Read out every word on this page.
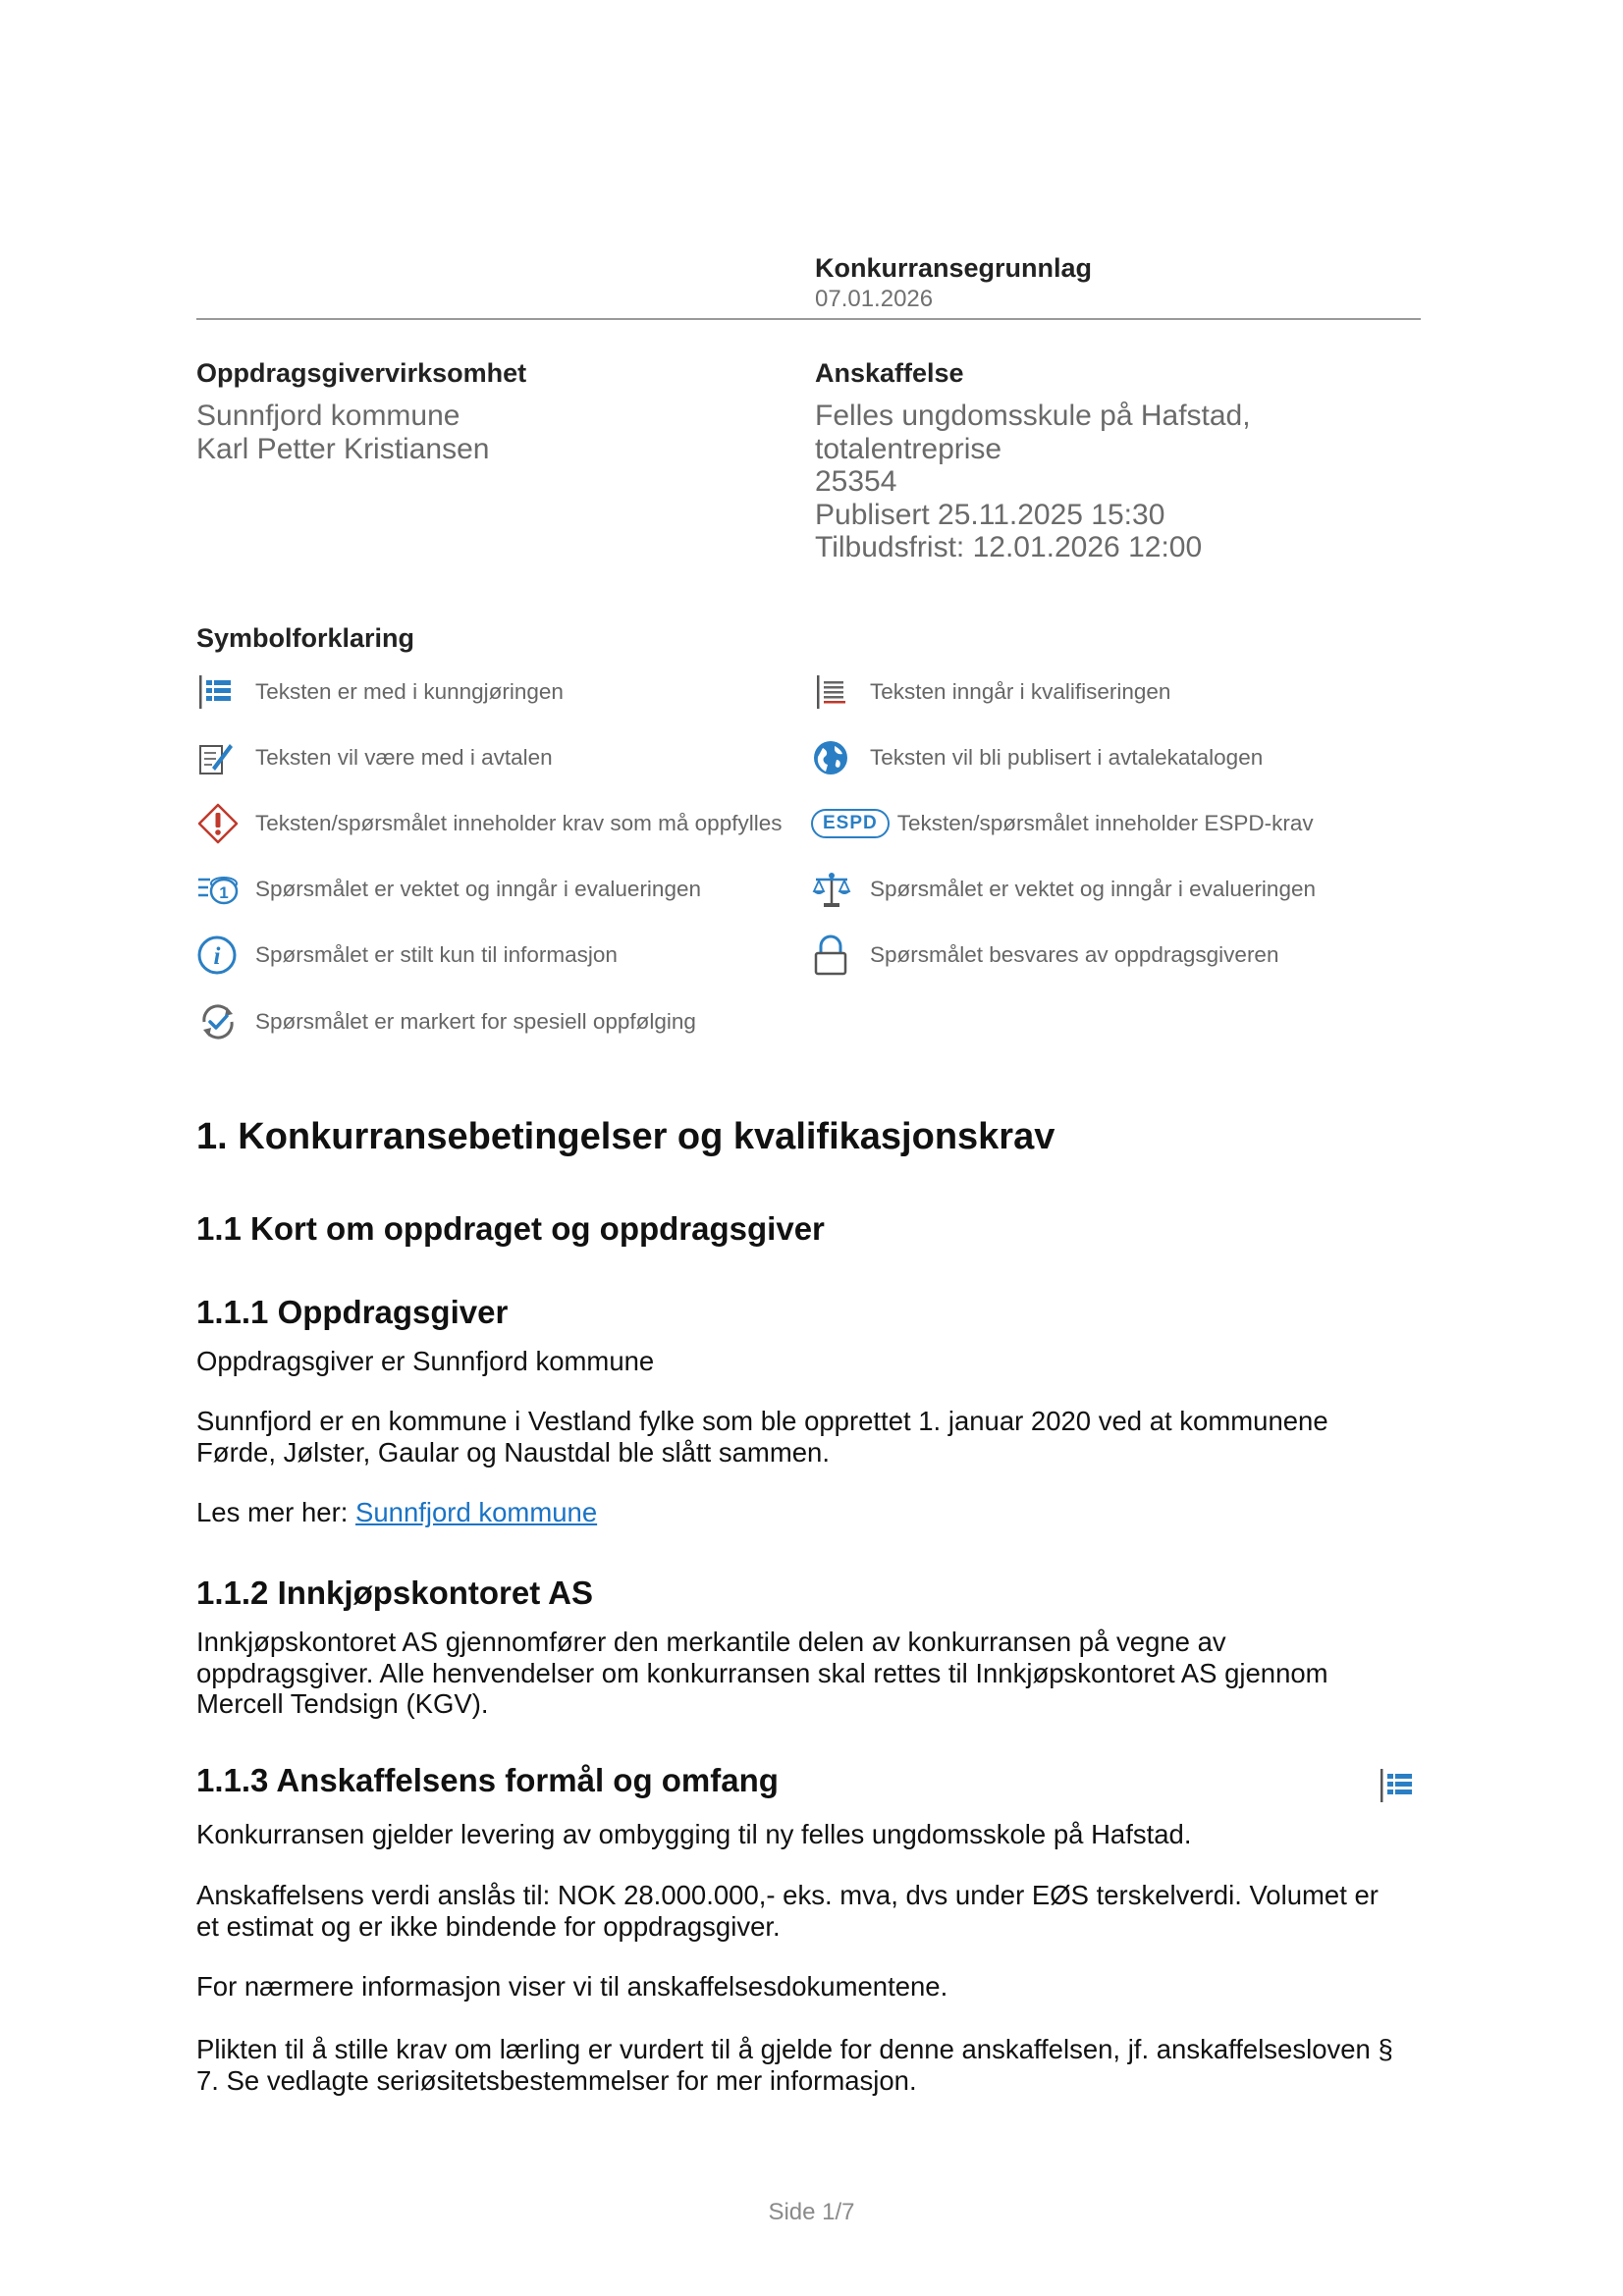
Konkurransegrunnlag
07.01.2026
Oppdragsgivervirksomhet
Sunnfjord kommune
Karl Petter Kristiansen
Anskaffelse
Felles ungdomsskule på Hafstad,
totalentreprise
25354
Publisert 25.11.2025 15:30
Tilbudsfrist: 12.01.2026 12:00
Symbolforklaring
Teksten er med i kunngjøringen	Teksten inngår i kvalifiseringen
Teksten vil være med i avtalen	Teksten vil bli publisert i avtalekatalogen
Teksten/spørsmålet inneholder krav som må oppfylles	ESPD Teksten/spørsmålet inneholder ESPD-krav
1 Spørsmålet er vektet og inngår i evalueringen	Spørsmålet er vektet og inngår i evalueringen
i Spørsmålet er stilt kun til informasjon	Spørsmålet besvares av oppdragsgiveren
Spørsmålet er markert for spesiell oppfølging
1. Konkurransebetingelser og kvalifikasjonskrav
1.1 Kort om oppdraget og oppdragsgiver
1.1.1 Oppdragsgiver
Oppdragsgiver er Sunnfjord kommune
Sunnfjord er en kommune i Vestland fylke som ble opprettet 1. januar 2020 ved at kommunene
Førde, Jølster, Gaular og Naustdal ble slått sammen.
Les mer her: Sunnfjord kommune
1.1.2 Innkjøpskontoret AS
Innkjøpskontoret AS gjennomfører den merkantile delen av konkurransen på vegne av
oppdragsgiver. Alle henvendelser om konkurransen skal rettes til Innkjøpskontoret AS gjennom
Mercell Tendsign (KGV).
1.1.3 Anskaffelsens formål og omfang
Konkurransen gjelder levering av ombygging til ny felles ungdomsskole på Hafstad.
Anskaffelsens verdi anslås til: NOK 28.000.000,- eks. mva, dvs under EØS terskelverdi. Volumet er
et estimat og er ikke bindende for oppdragsgiver.
For nærmere informasjon viser vi til anskaffelsesdokumentene.
Plikten til å stille krav om lærling er vurdert til å gjelde for denne anskaffelsen, jf. anskaffelsesloven §
7. Se vedlagte seriøsitetsbestemmelser for mer informasjon.
Side 1/7
